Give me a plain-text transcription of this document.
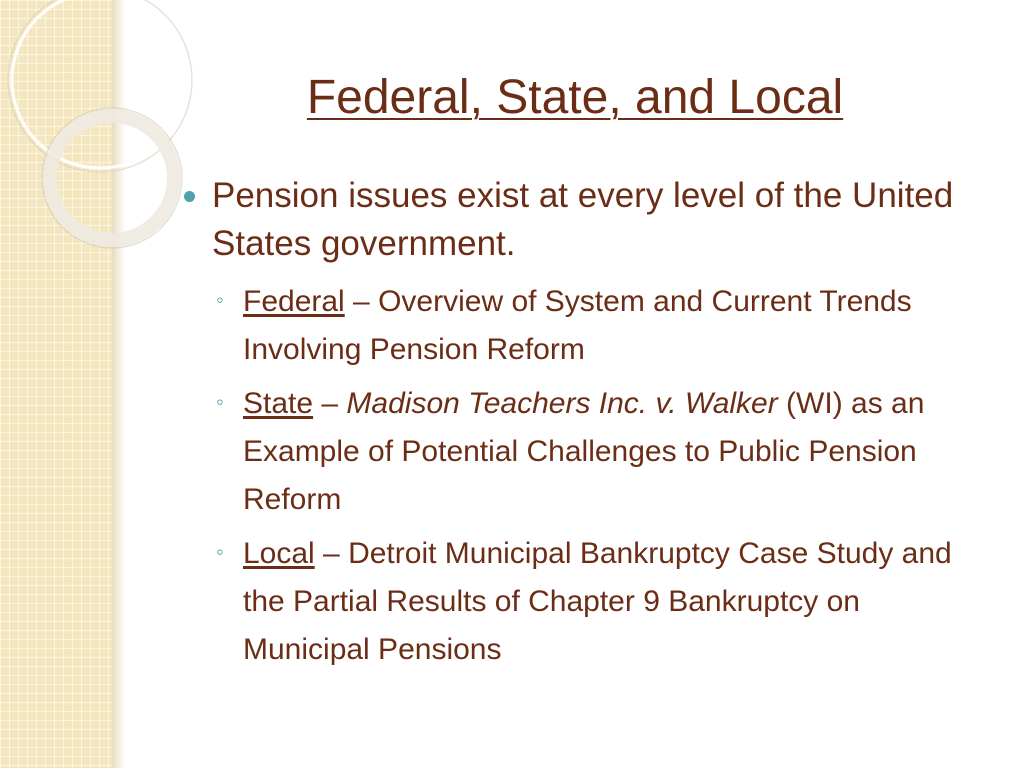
Federal, State, and Local
Pension issues exist at every level of the United States government.
◦ Federal – Overview of System and Current Trends Involving Pension Reform
◦ State – Madison Teachers Inc. v. Walker (WI) as an Example of Potential Challenges to Public Pension Reform
◦ Local – Detroit Municipal Bankruptcy Case Study and the Partial Results of Chapter 9 Bankruptcy on Municipal Pensions
